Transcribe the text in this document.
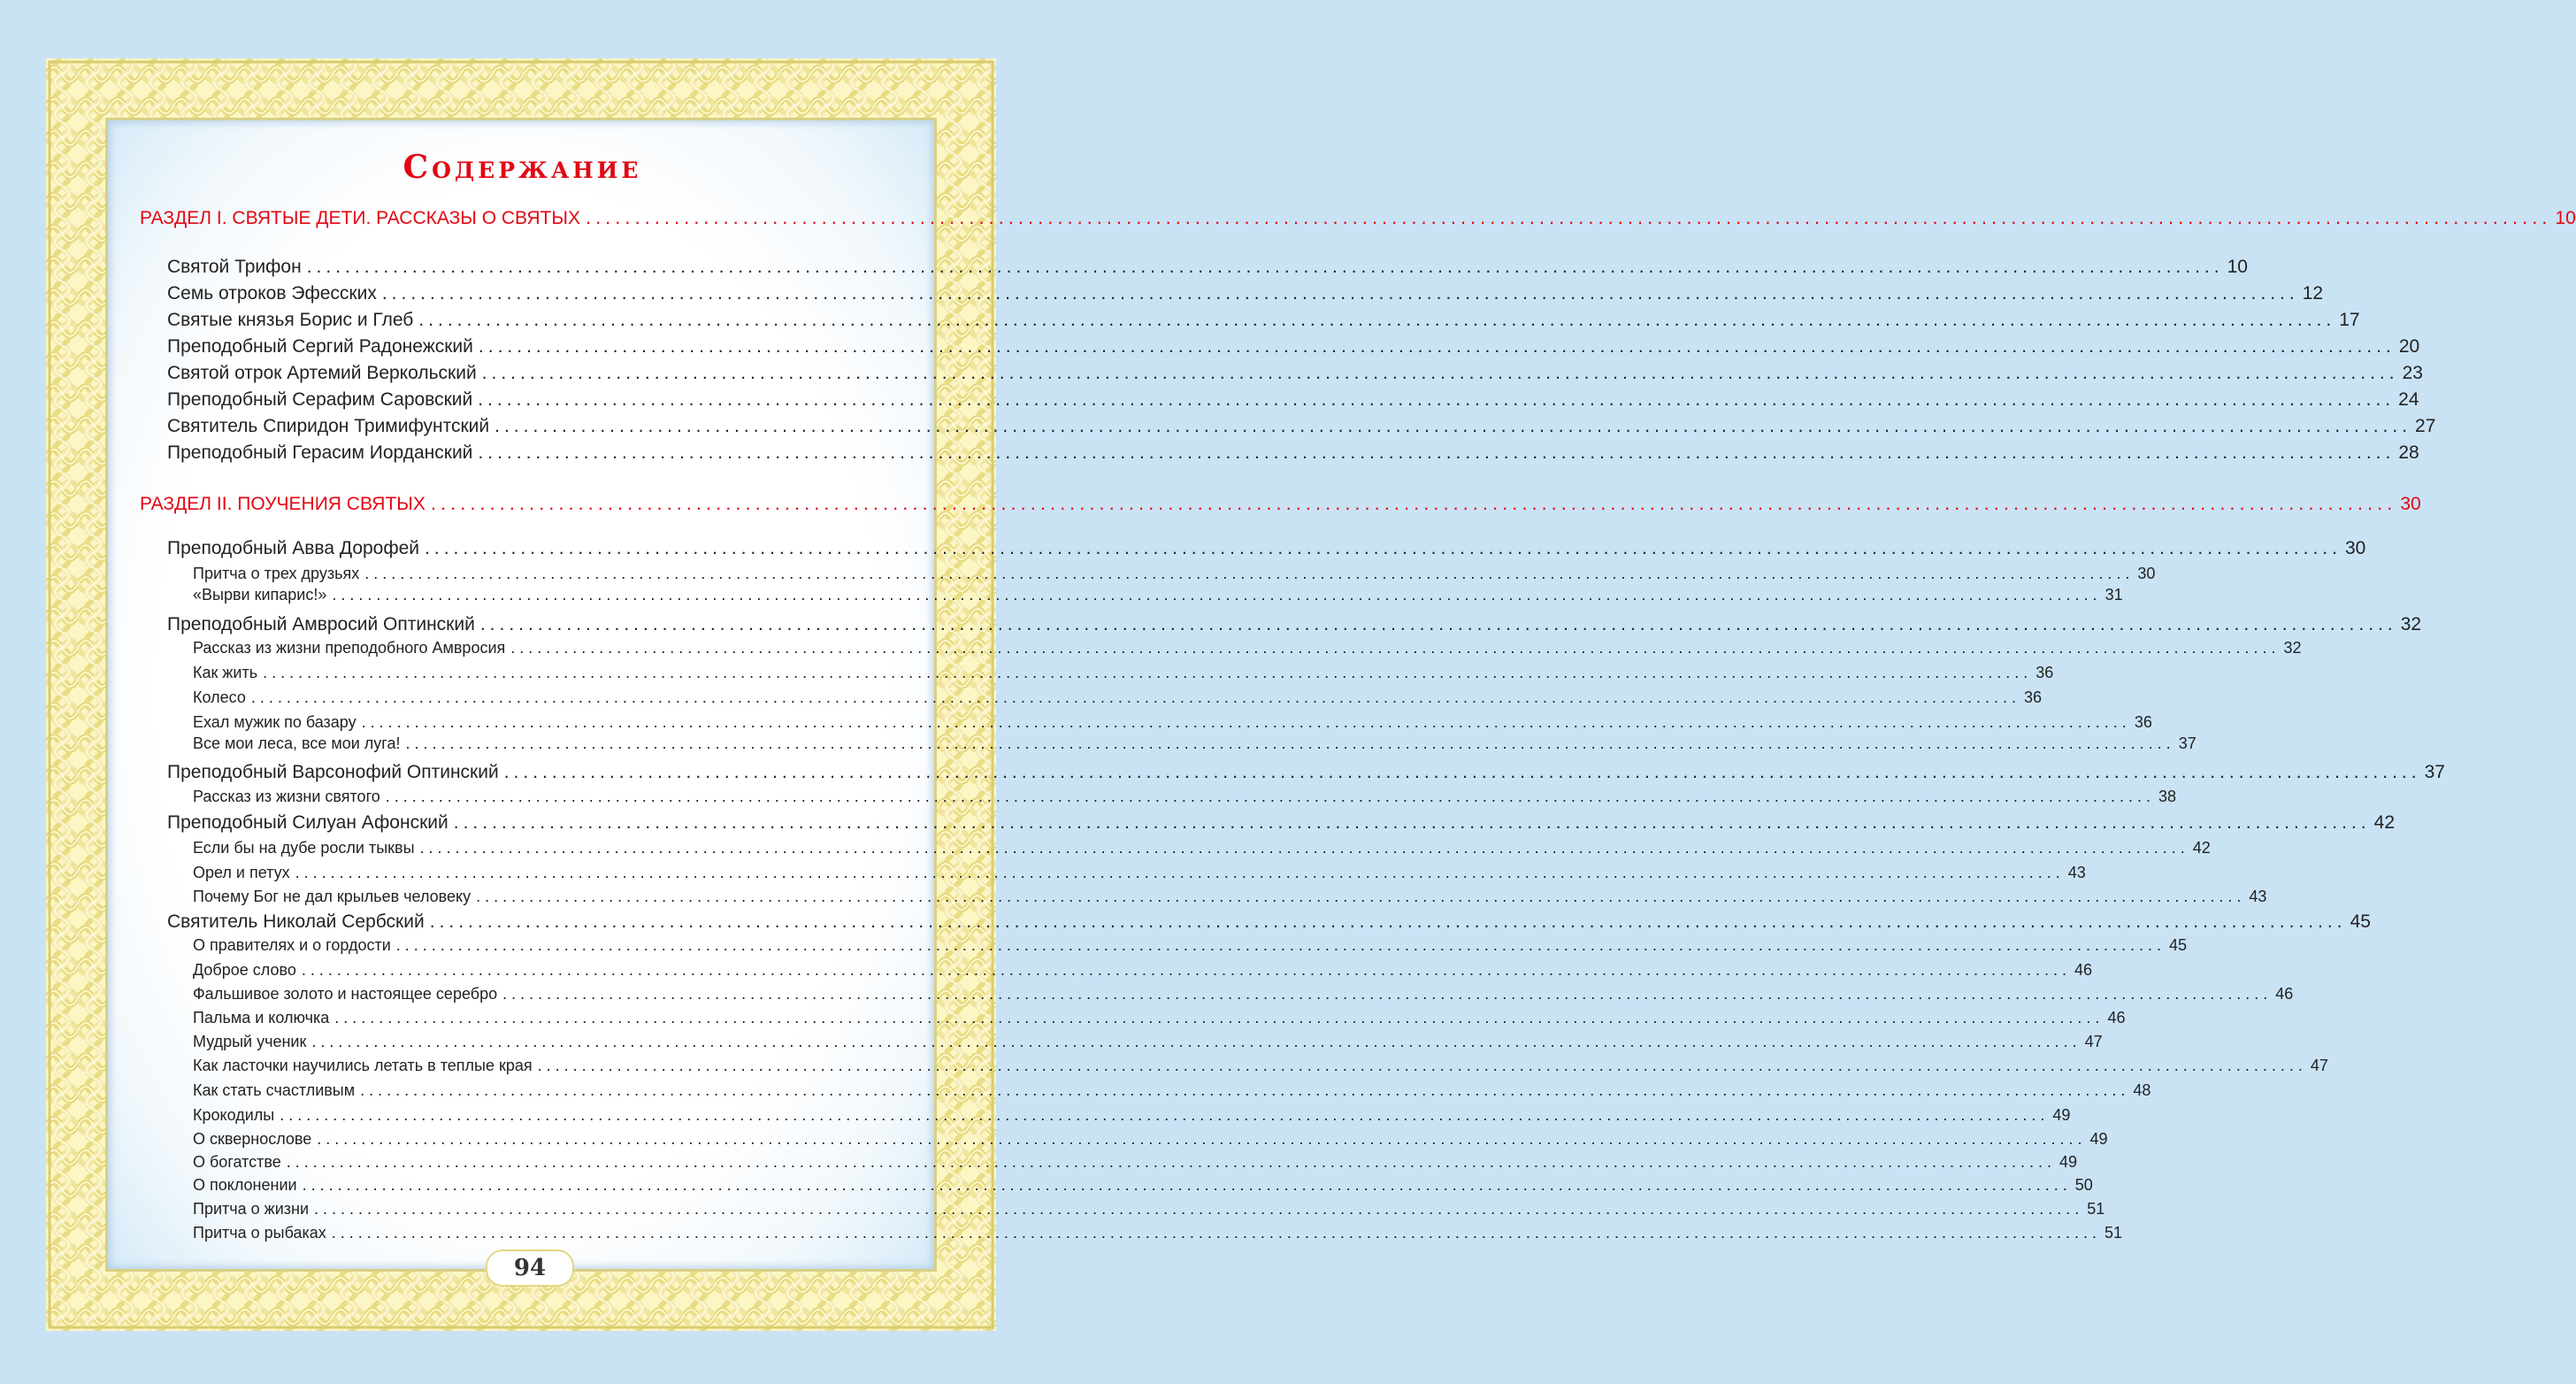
Содержание
РАЗДЕЛ I. СВЯТЫЕ ДЕТИ. РАССКАЗЫ О СВЯТЫХ ........................................................................................................................................................................................................ 10
Святой Трифон ........................................................................................................................................................................................................ 10
Семь отроков Эфесских ........................................................................................................................................................................................................ 12
Святые князья Борис и Глеб ........................................................................................................................................................................................................ 17
Преподобный Сергий Радонежский ........................................................................................................................................................................................................ 20
Святой отрок Артемий Веркольский ........................................................................................................................................................................................................ 23
Преподобный Серафим Саровский ........................................................................................................................................................................................................ 24
Святитель Спиридон Тримифунтский ........................................................................................................................................................................................................ 27
Преподобный Герасим Иорданский ........................................................................................................................................................................................................ 28
РАЗДЕЛ II. ПОУЧЕНИЯ СВЯТЫХ ........................................................................................................................................................................................................ 30
Преподобный Авва Дорофей ........................................................................................................................................................................................................ 30
Притча о трех друзьях ........................................................................................................................................................................................................ 30
«Вырви кипарис!» ........................................................................................................................................................................................................ 31
Преподобный Амвросий Оптинский ........................................................................................................................................................................................................ 32
Рассказ из жизни преподобного Амвросия ........................................................................................................................................................................................................ 32
Как жить ........................................................................................................................................................................................................ 36
Колесо ........................................................................................................................................................................................................ 36
Ехал мужик по базару ........................................................................................................................................................................................................ 36
Все мои леса, все мои луга! ........................................................................................................................................................................................................ 37
Преподобный Варсонофий Оптинский ........................................................................................................................................................................................................ 37
Рассказ из жизни святого ........................................................................................................................................................................................................ 38
Преподобный Силуан Афонский ........................................................................................................................................................................................................ 42
Если бы на дубе росли тыквы ........................................................................................................................................................................................................ 42
Орел и петух ........................................................................................................................................................................................................ 43
Почему Бог не дал крыльев человеку ........................................................................................................................................................................................................ 43
Святитель Николай Сербский ........................................................................................................................................................................................................ 45
О правителях и о гордости ........................................................................................................................................................................................................ 45
Доброе слово ........................................................................................................................................................................................................ 46
Фальшивое золото и настоящее серебро ........................................................................................................................................................................................................ 46
Пальма и колючка ........................................................................................................................................................................................................ 46
Мудрый ученик ........................................................................................................................................................................................................ 47
Как ласточки научились летать в теплые края ........................................................................................................................................................................................................ 47
Как стать счастливым ........................................................................................................................................................................................................ 48
Крокодилы ........................................................................................................................................................................................................ 49
О сквернослове ........................................................................................................................................................................................................ 49
О богатстве ........................................................................................................................................................................................................ 49
О поклонении ........................................................................................................................................................................................................ 50
Притча о жизни ........................................................................................................................................................................................................ 51
Притча о рыбаках ........................................................................................................................................................................................................ 51
94
